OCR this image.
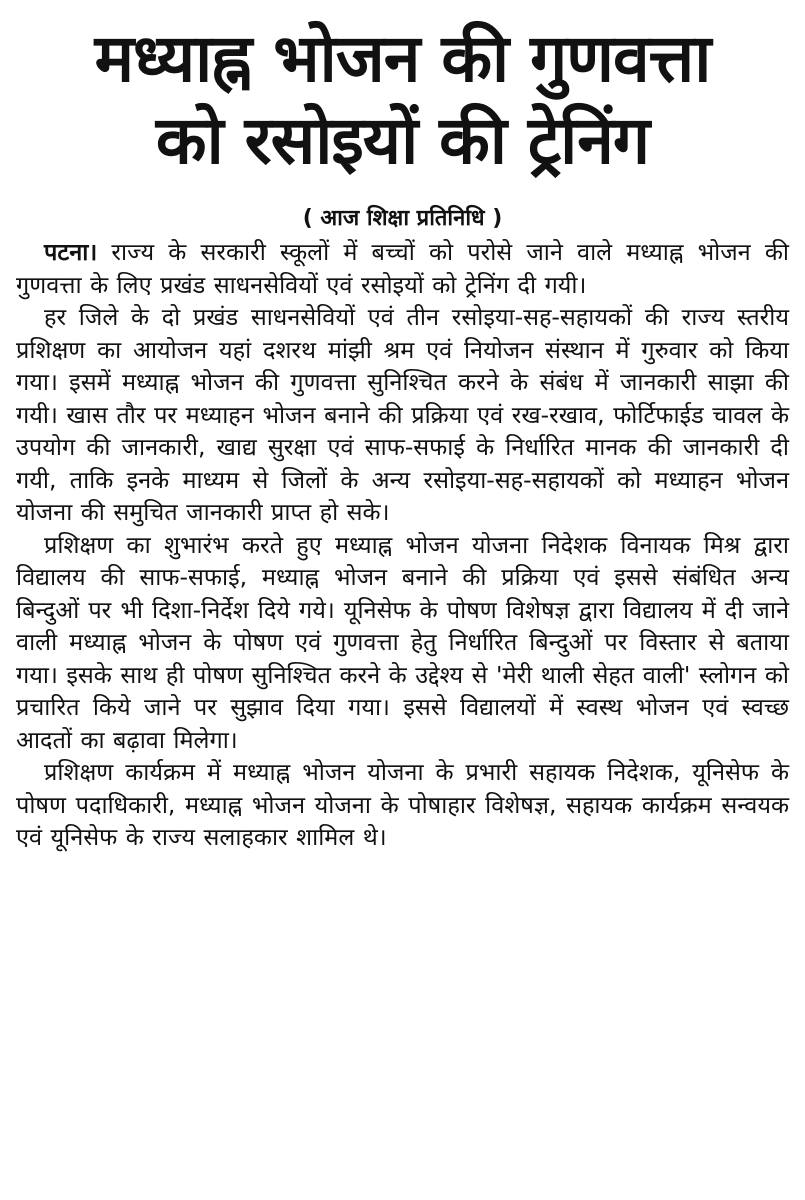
मध्याह्न भोजन की गुणवत्ता
को रसोइयों की ट्रेनिंग

( आज शिक्षा प्रतिनिधि )

पटना। राज्य के सरकारी स्कूलों में बच्चों को परोसे जाने वाले मध्याह्न भोजन की गुणवत्ता के लिए प्रखंड साधनसेवियों एवं रसोइयों को ट्रेनिंग दी गयी।

हर जिले के दो प्रखंड साधनसेवियों एवं तीन रसोइया-सह-सहायकों की राज्य स्तरीय प्रशिक्षण का आयोजन यहां दशरथ मांझी श्रम एवं नियोजन संस्थान में गुरुवार को किया गया। इसमें मध्याह्न भोजन की गुणवत्ता सुनिश्चित करने के संबंध में जानकारी साझा की गयी। खास तौर पर मध्याहन भोजन बनाने की प्रक्रिया एवं रख-रखाव, फोर्टिफाईड चावल के उपयोग की जानकारी, खाद्य सुरक्षा एवं साफ-सफाई के निर्धारित मानक की जानकारी दी गयी, ताकि इनके माध्यम से जिलों के अन्य रसोइया-सह-सहायकों को मध्याहन भोजन योजना की समुचित जानकारी प्राप्त हो सके।

प्रशिक्षण का शुभारंभ करते हुए मध्याह्न भोजन योजना निदेशक विनायक मिश्र द्वारा विद्यालय की साफ-सफाई, मध्याह्न भोजन बनाने की प्रक्रिया एवं इससे संबंधित अन्य बिन्दुओं पर भी दिशा-निर्देश दिये गये। यूनिसेफ के पोषण विशेषज्ञ द्वारा विद्यालय में दी जाने वाली मध्याह्न भोजन के पोषण एवं गुणवत्ता हेतु निर्धारित बिन्दुओं पर विस्तार से बताया गया। इसके साथ ही पोषण सुनिश्चित करने के उद्देश्य से 'मेरी थाली सेहत वाली' स्लोगन को प्रचारित किये जाने पर सुझाव दिया गया। इससे विद्यालयों में स्वस्थ भोजन एवं स्वच्छ आदतों का बढ़ावा मिलेगा।

प्रशिक्षण कार्यक्रम में मध्याह्न भोजन योजना के प्रभारी सहायक निदेशक, यूनिसेफ के पोषण पदाधिकारी, मध्याह्न भोजन योजना के पोषाहार विशेषज्ञ, सहायक कार्यक्रम सन्वयक एवं यूनिसेफ के राज्य सलाहकार शामिल थे।
